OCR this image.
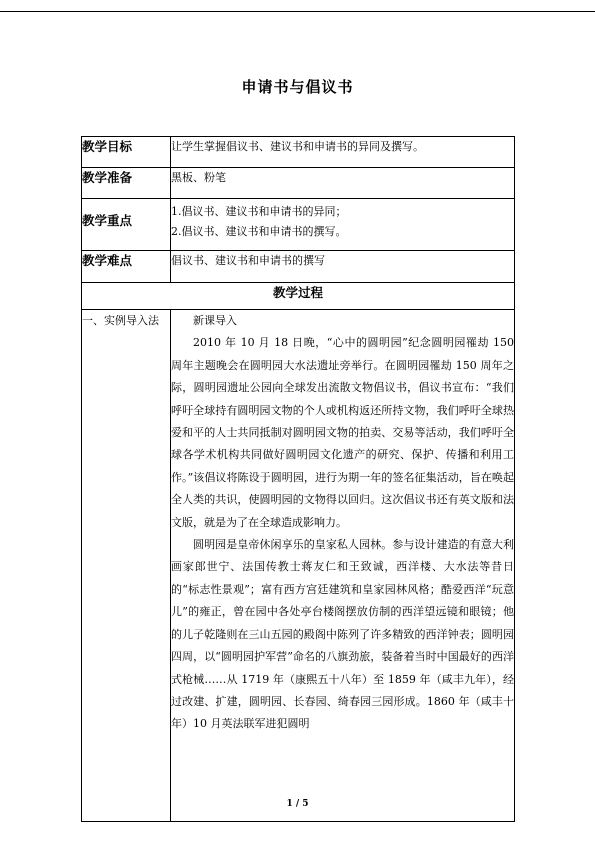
申请书与倡议书
教学目标	让学生掌握倡议书、建议书和申请书的异同及撰写。
教学准备	黑板、粉笔
教学重点	1.倡议书、建议书和申请书的异同；
2.倡议书、建议书和申请书的撰写。

教学难点	倡议书、建议书和申请书的撰写
教学过程	
一、实例导入法	新课导入

2010 年 10 月 18 日晚，“心中的圆明园”纪念圆明园罹劫 150 周年主题晚会在圆明园大水法遗址旁举行。在圆明园罹劫 150 周年之际，圆明园遗址公园向全球发出流散文物倡议书，倡议书宣布：“我们呼吁全球持有圆明园文物的个人或机构返还所持文物，我们呼吁全球热爱和平的人士共同抵制对圆明园文物的拍卖、交易等活动，我们呼吁全球各学术机构共同做好圆明园文化遗产的研究、保护、传播和利用工作。”该倡议将陈设于圆明园，进行为期一年的签名征集活动，旨在唤起全人类的共识，使圆明园的文物得以回归。这次倡议书还有英文版和法文版，就是为了在全球造成影响力。

圆明园是皇帝休闲享乐的皇家私人园林。参与设计建造的有意大利画家郎世宁、法国传教士蒋友仁和王致诚，西洋楼、大水法等昔日的“标志性景观”；富有西方宫廷建筑和皇家园林风格；酷爱西洋“玩意儿”的雍正，曾在园中各处亭台楼阁摆放仿制的西洋望远镜和眼镜；他的儿子乾隆则在三山五园的殿阁中陈列了许多精致的西洋钟表；圆明园四周，以“圆明园护军营”命名的八旗劲旅，装备着当时中国最好的西洋式枪械……从 1719 年（康熙五十八年）至 1859 年（咸丰九年），经过改建、扩建，圆明园、长春园、绮春园三园形成。1860 年（咸丰十年）10 月英法联军进犯圆明

1 / 5
